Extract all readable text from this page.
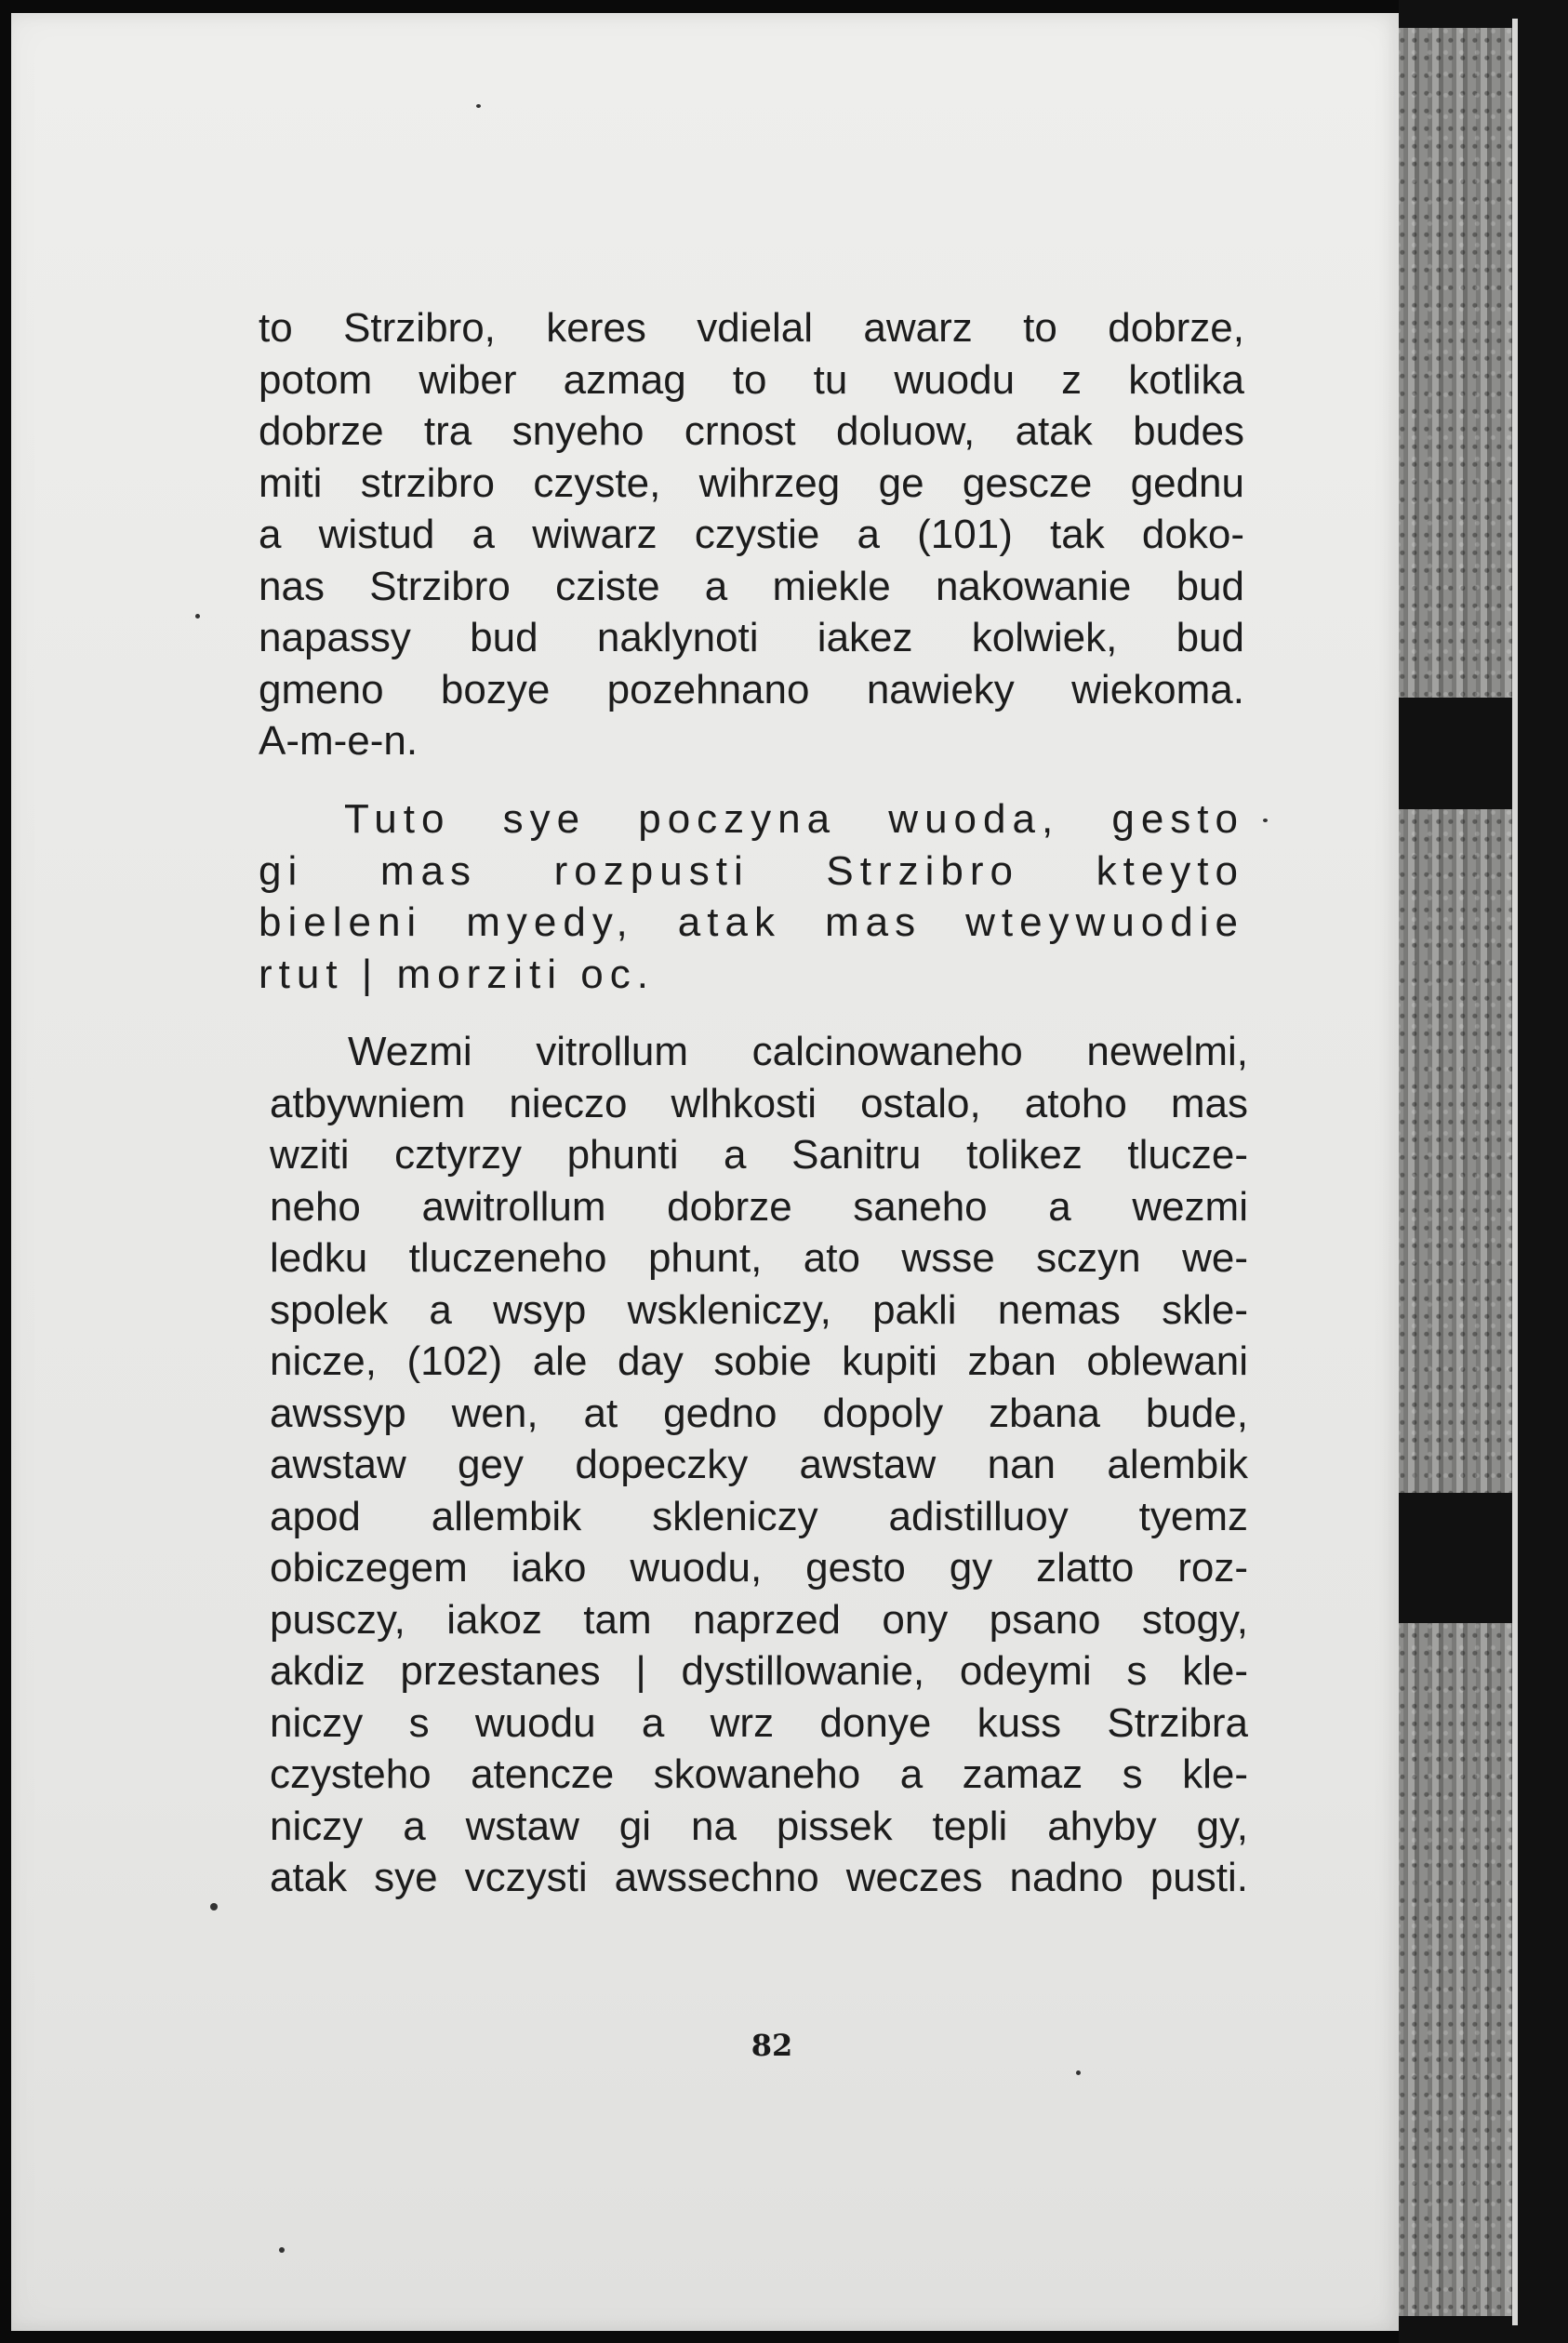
to Strzibro, keres vdielal awarz to dobrze,
potom wiber azmag to tu wuodu z kotlika
dobrze tra snyeho crnost doluow, atak budes
miti strzibro czyste, wihrzeg ge gescze gednu
a wistud a wiwarz czystie a (101) tak doko-
nas Strzibro cziste a miekle nakowanie bud
napassy bud naklynoti iakez kolwiek, bud
gmeno bozye pozehnano nawieky wiekoma.
A-m-e-n.
Tuto sye poczyna wuoda, gesto
gi mas rozpusti Strzibro kteyto
bieleni myedy, atak mas wteywuodie
rtut | morziti oc.
Wezmi vitrollum calcinowaneho newelmi,
atbywniem nieczo wlhkosti ostalo, atoho mas
wziti cztyrzy phunti a Sanitru tolikez tlucze-
neho awitrollum dobrze saneho a wezmi
ledku tluczeneho phunt, ato wsse sczyn we-
spolek a wsyp wskleniczy, pakli nemas skle-
nicze, (102) ale day sobie kupiti zban oblewani
awssyp wen, at gedno dopoly zbana bude,
awstaw gey dopeczky awstaw nan alembik
apod allembik skleniczy adistilluoy tyemz
obiczegem iako wuodu, gesto gy zlatto roz-
pusczy, iakoz tam naprzed ony psano stogy,
akdiz przestanes | dystillowanie, odeymi s kle-
niczy s wuodu a wrz donye kuss Strzibra
czysteho atencze skowaneho a zamaz s kle-
niczy a wstaw gi na pissek tepli ahyby gy,
atak sye vczysti awssechno weczes nadno pusti.
82
